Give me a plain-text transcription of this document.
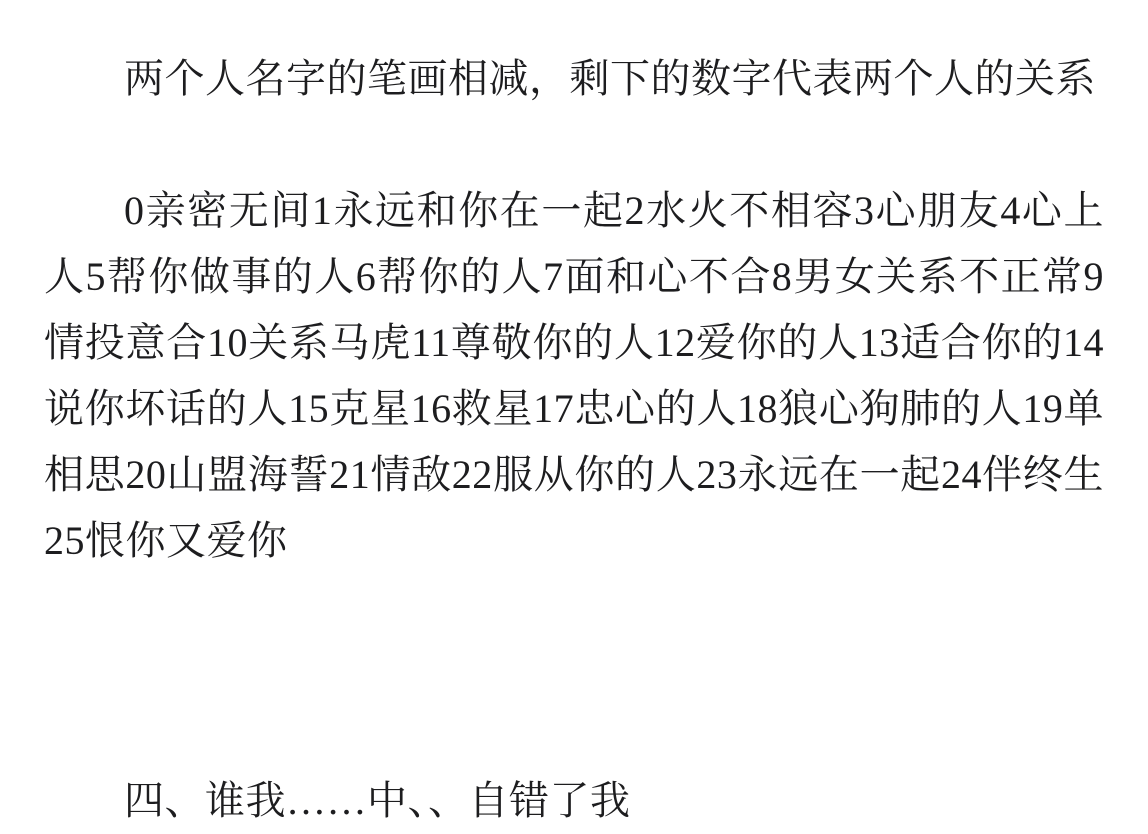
两个人名字的笔画相减，剩下的数字代表两个人的关系

0亲密无间1永远和你在一起2水火不相容3心朋友4心上人5帮你做事的人6帮你的人7面和心不合8男女关系不正常9情投意合10关系马虎11尊敬你的人12爱你的人13适合你的14说你坏话的人15克星16救星17忠心的人18狼心狗肺的人19单相思20山盟海誓21情敌22服从你的人23永远在一起24伴终生25恨你又爱你

四、谁我……中、、自错了我
